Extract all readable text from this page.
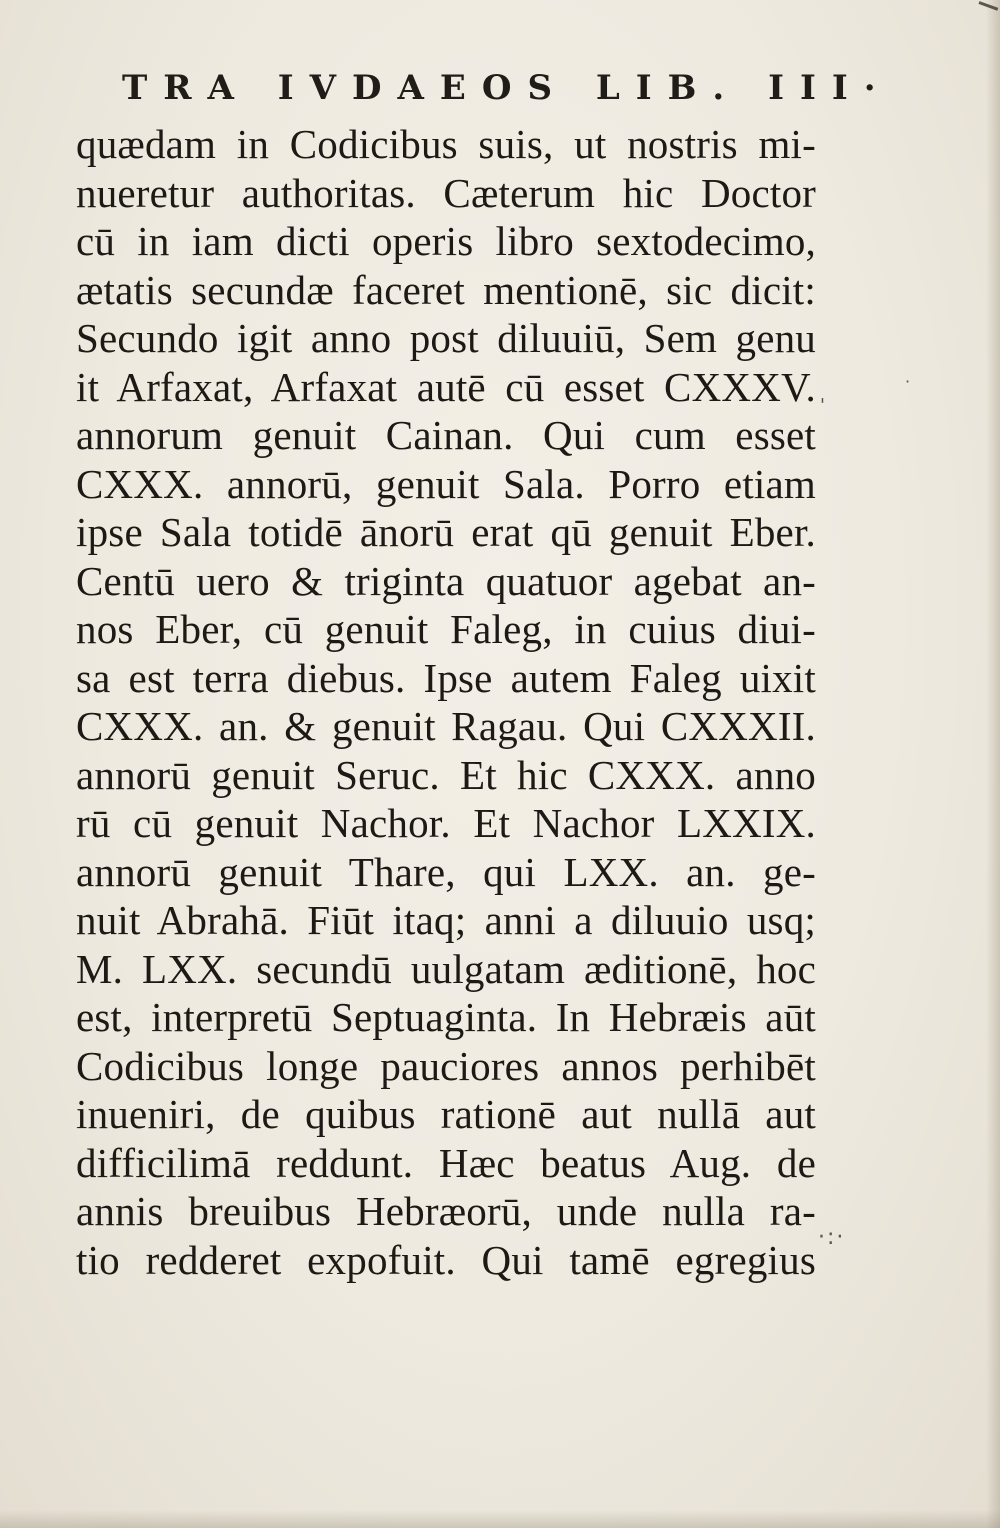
TRA IVDAEOS LIB. III·
quædam in Codicibus suis, ut nostris mi‐
nueretur authoritas. Cæterum hic Doctor
cū in iam dicti operis libro sextodecimo,
ætatis secundæ faceret mentionē, sic dicit:
Secundo igit anno post diluuiū, Sem genu
it Arfaxat, Arfaxat autē cū esset CXXXV.
annorum genuit Cainan. Qui cum esset
CXXX. annorū, genuit Sala. Porro etiam
ipse Sala totidē ānorū erat qū genuit Eber.
Centū uero & triginta quatuor agebat an‐
nos Eber, cū genuit Faleg, in cuius diui‐
sa est terra diebus. Ipse autem Faleg uixit
CXXX. an. & genuit Ragau. Qui CXXXII.
annorū genuit Seruc. Et hic CXXX. anno
rū cū genuit Nachor. Et Nachor LXXIX.
annorū genuit Thare, qui LXX. an. ge‐
nuit Abrahā. Fiūt itaq; anni a diluuio usq;
M. LXX. secundū uulgatam æditionē, hoc
est, interpretū Septuaginta. In Hebræis aūt
Codicibus longe pauciores annos perhibēt
inueniri, de quibus rationē aut nullā aut
difficilimā reddunt. Hæc beatus Aug. de
annis breuibus Hebræorū, unde nulla ra‐
tio redderet expofuit. Qui tamē egregius
'
·:·
·
